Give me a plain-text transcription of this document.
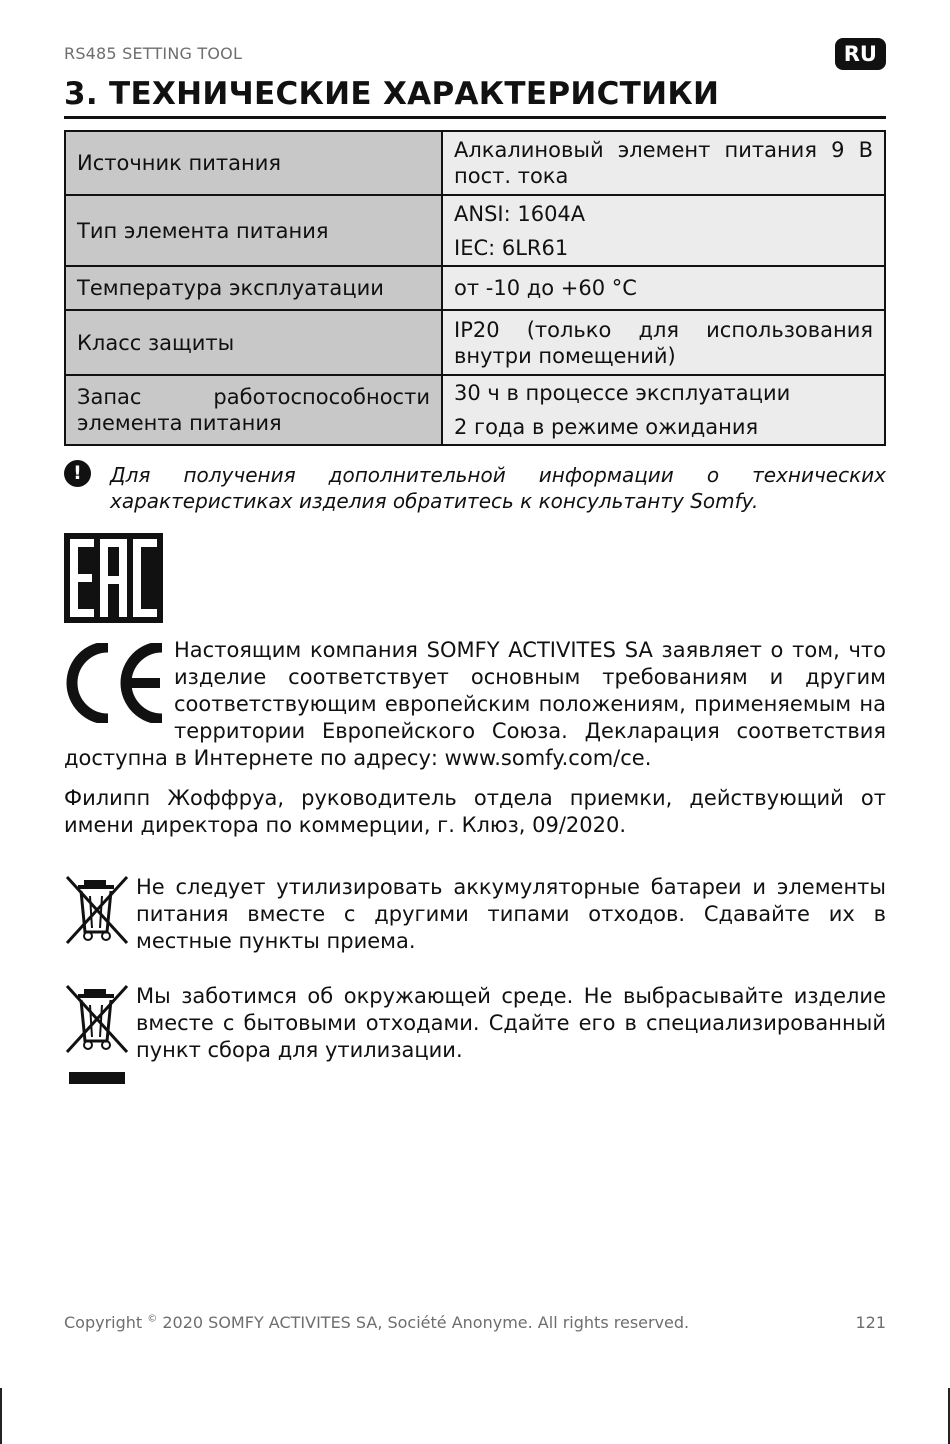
RS485 SETTING TOOL	RU
3. ТЕХНИЧЕСКИЕ ХАРАКТЕРИСТИКИ
Источник питания	Алкалиновый элемент питания 9 В пост. тока
Тип элемента питания	ANSI: 1604A
IEC: 6LR61

Температура эксплуатации	от -10 до +60 °C
Класс защиты	IP20 (только для использования внутри помещений)
Запас работоспособности элемента питания	30 ч в процессе эксплуатации
2 года в режиме ожидания
!	Для получения дополнительной информации о технических характеристиках изделия обратитесь к консультанту Somfy.

Настоящим компания SOMFY ACTIVITES SA заявляет о том, что изделие соответствует основным требованиям и другим соответствующим европейским положениям, применяемым на территории Европейского Союза. Декларация соответствия доступна в Интернете по адресу: www.somfy.com/ce.

Филипп Жоффруа, руководитель отдела приемки, действующий от имени директора по коммерции, г. Клюз, 09/2020.

Не следует утилизировать аккумуляторные батареи и элементы питания вместе с другими типами отходов. Сдавайте их в местные пункты приема.

Мы заботимся об окружающей среде. Не выбрасывайте изделие вместе с бытовыми отходами. Сдайте его в специализированный пункт сбора для утилизации.

Copyright © 2020 SOMFY ACTIVITES SA, Société Anonyme. All rights reserved.	121
